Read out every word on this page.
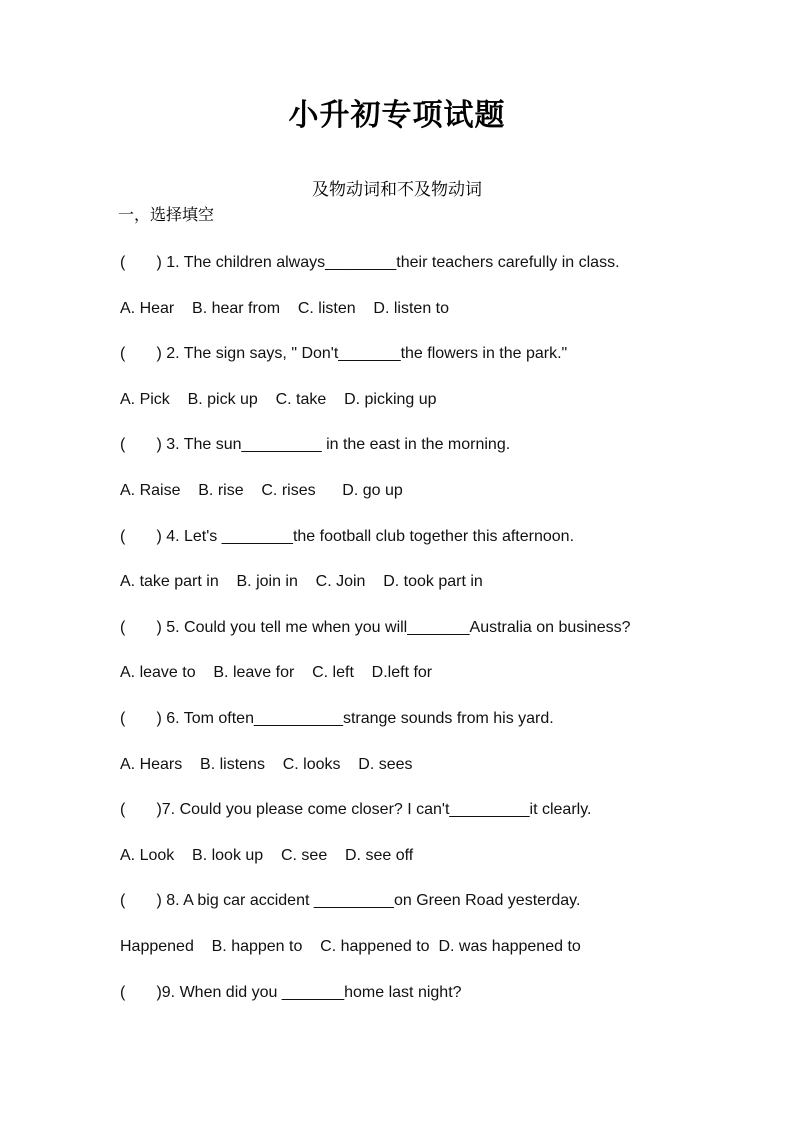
小升初专项试题
及物动词和不及物动词
一，选择填空
(       ) 1. The children always________their teachers carefully in class.
A. Hear    B. hear from    C. listen    D. listen to
(       ) 2. The sign says, " Don't_______the flowers in the park."
A. Pick    B. pick up    C. take    D. picking up
(       ) 3. The sun_________ in the east in the morning.
A. Raise    B. rise    C. rises      D. go up
(       ) 4. Let's ________the football club together this afternoon.
A. take part in    B. join in    C. Join    D. took part in
(       ) 5. Could you tell me when you will_______Australia on business?
A. leave to    B. leave for    C. left    D.left for
(       ) 6. Tom often__________strange sounds from his yard.
A. Hears    B. listens    C. looks    D. sees
(       )7. Could you please come closer? I can't_________it clearly.
A. Look    B. look up    C. see    D. see off
(       ) 8. A big car accident _________on Green Road yesterday.
Happened    B. happen to    C. happened to  D. was happened to
(       )9. When did you _______home last night?
